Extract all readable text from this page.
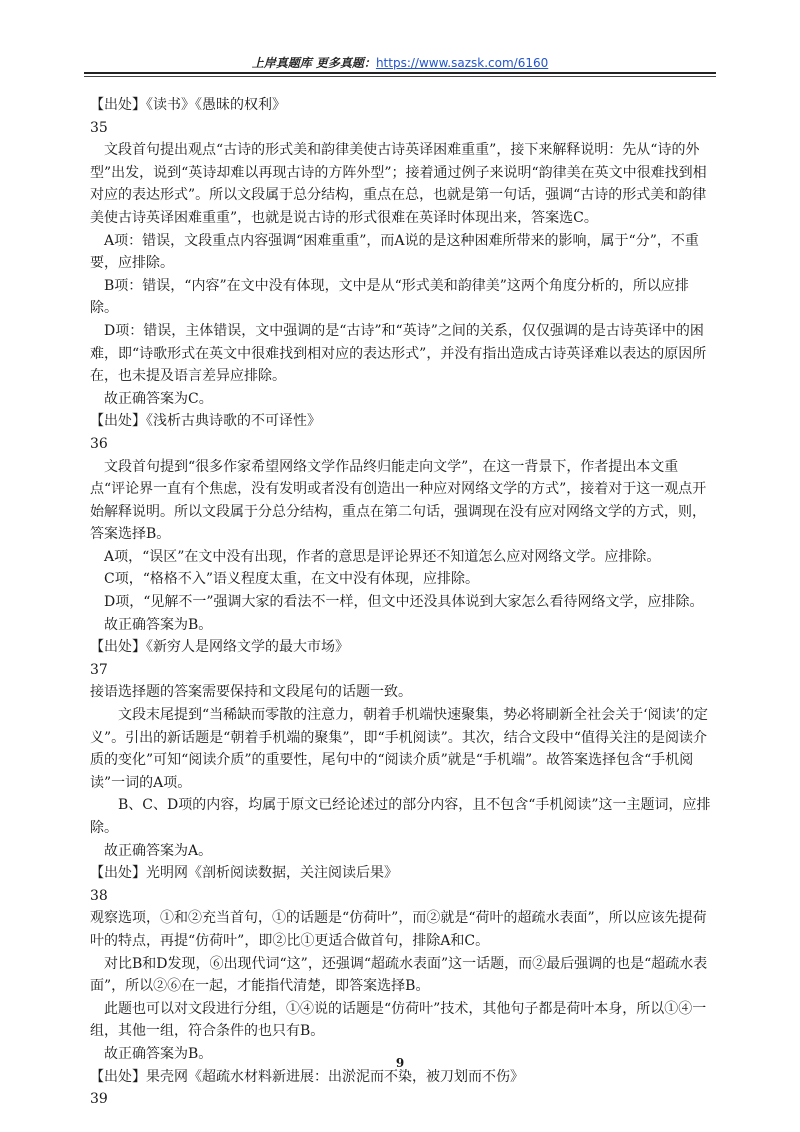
上岸真题库 更多真题：https://www.sazsk.com/6160

【出处】《读书》《愚昧的权利》

35

文段首句提出观点“古诗的形式美和韵律美使古诗英译困难重重”，接下来解释说明：先从“诗的外型”出发，说到“英诗却难以再现古诗的方阵外型”；接着通过例子来说明“韵律美在英文中很难找到相对应的表达形式”。所以文段属于总分结构，重点在总，也就是第一句话，强调“古诗的形式美和韵律美使古诗英译困难重重”，也就是说古诗的形式很难在英译时体现出来，答案选C。

A项：错误，文段重点内容强调“困难重重”，而A说的是这种困难所带来的影响，属于“分”，不重要，应排除。

B项：错误，“内容”在文中没有体现，文中是从“形式美和韵律美”这两个角度分析的，所以应排除。

D项：错误，主体错误，文中强调的是“古诗”和“英诗”之间的关系，仅仅强调的是古诗英译中的困难，即“诗歌形式在英文中很难找到相对应的表达形式”，并没有指出造成古诗英译难以表达的原因所在，也未提及语言差异应排除。

故正确答案为C。

【出处】《浅析古典诗歌的不可译性》

36

文段首句提到“很多作家希望网络文学作品终归能走向文学”，在这一背景下，作者提出本文重点“评论界一直有个焦虑，没有发明或者没有创造出一种应对网络文学的方式”，接着对于这一观点开始解释说明。所以文段属于分总分结构，重点在第二句话，强调现在没有应对网络文学的方式，则，答案选择B。

A项，“误区”在文中没有出现，作者的意思是评论界还不知道怎么应对网络文学。应排除。

C项，“格格不入”语义程度太重，在文中没有体现，应排除。

D项，“见解不一”强调大家的看法不一样，但文中还没具体说到大家怎么看待网络文学，应排除。

故正确答案为B。

【出处】《新穷人是网络文学的最大市场》

37

接语选择题的答案需要保持和文段尾句的话题一致。

文段末尾提到“当稀缺而零散的注意力，朝着手机端快速聚集，势必将刷新全社会关于‘阅读’的定义”。引出的新话题是“朝着手机端的聚集”，即“手机阅读”。其次，结合文段中“值得关注的是阅读介质的变化”可知“阅读介质”的重要性，尾句中的“阅读介质”就是“手机端”。故答案选择包含“手机阅读”一词的A项。

B、C、D项的内容，均属于原文已经论述过的部分内容，且不包含“手机阅读”这一主题词，应排除。

故正确答案为A。

【出处】光明网《剖析阅读数据，关注阅读后果》

38

观察选项，①和②充当首句，①的话题是“仿荷叶”，而②就是“荷叶的超疏水表面”，所以应该先提荷叶的特点，再提“仿荷叶”，即②比①更适合做首句，排除A和C。

对比B和D发现，⑥出现代词“这”，还强调“超疏水表面”这一话题，而②最后强调的也是“超疏水表面”，所以②⑥在一起，才能指代清楚，即答案选择B。

此题也可以对文段进行分组，①④说的话题是“仿荷叶”技术，其他句子都是荷叶本身，所以①④一组，其他一组，符合条件的也只有B。

故正确答案为B。

【出处】果壳网《超疏水材料新进展：出淤泥而不染，被刀划而不伤》

39

9
